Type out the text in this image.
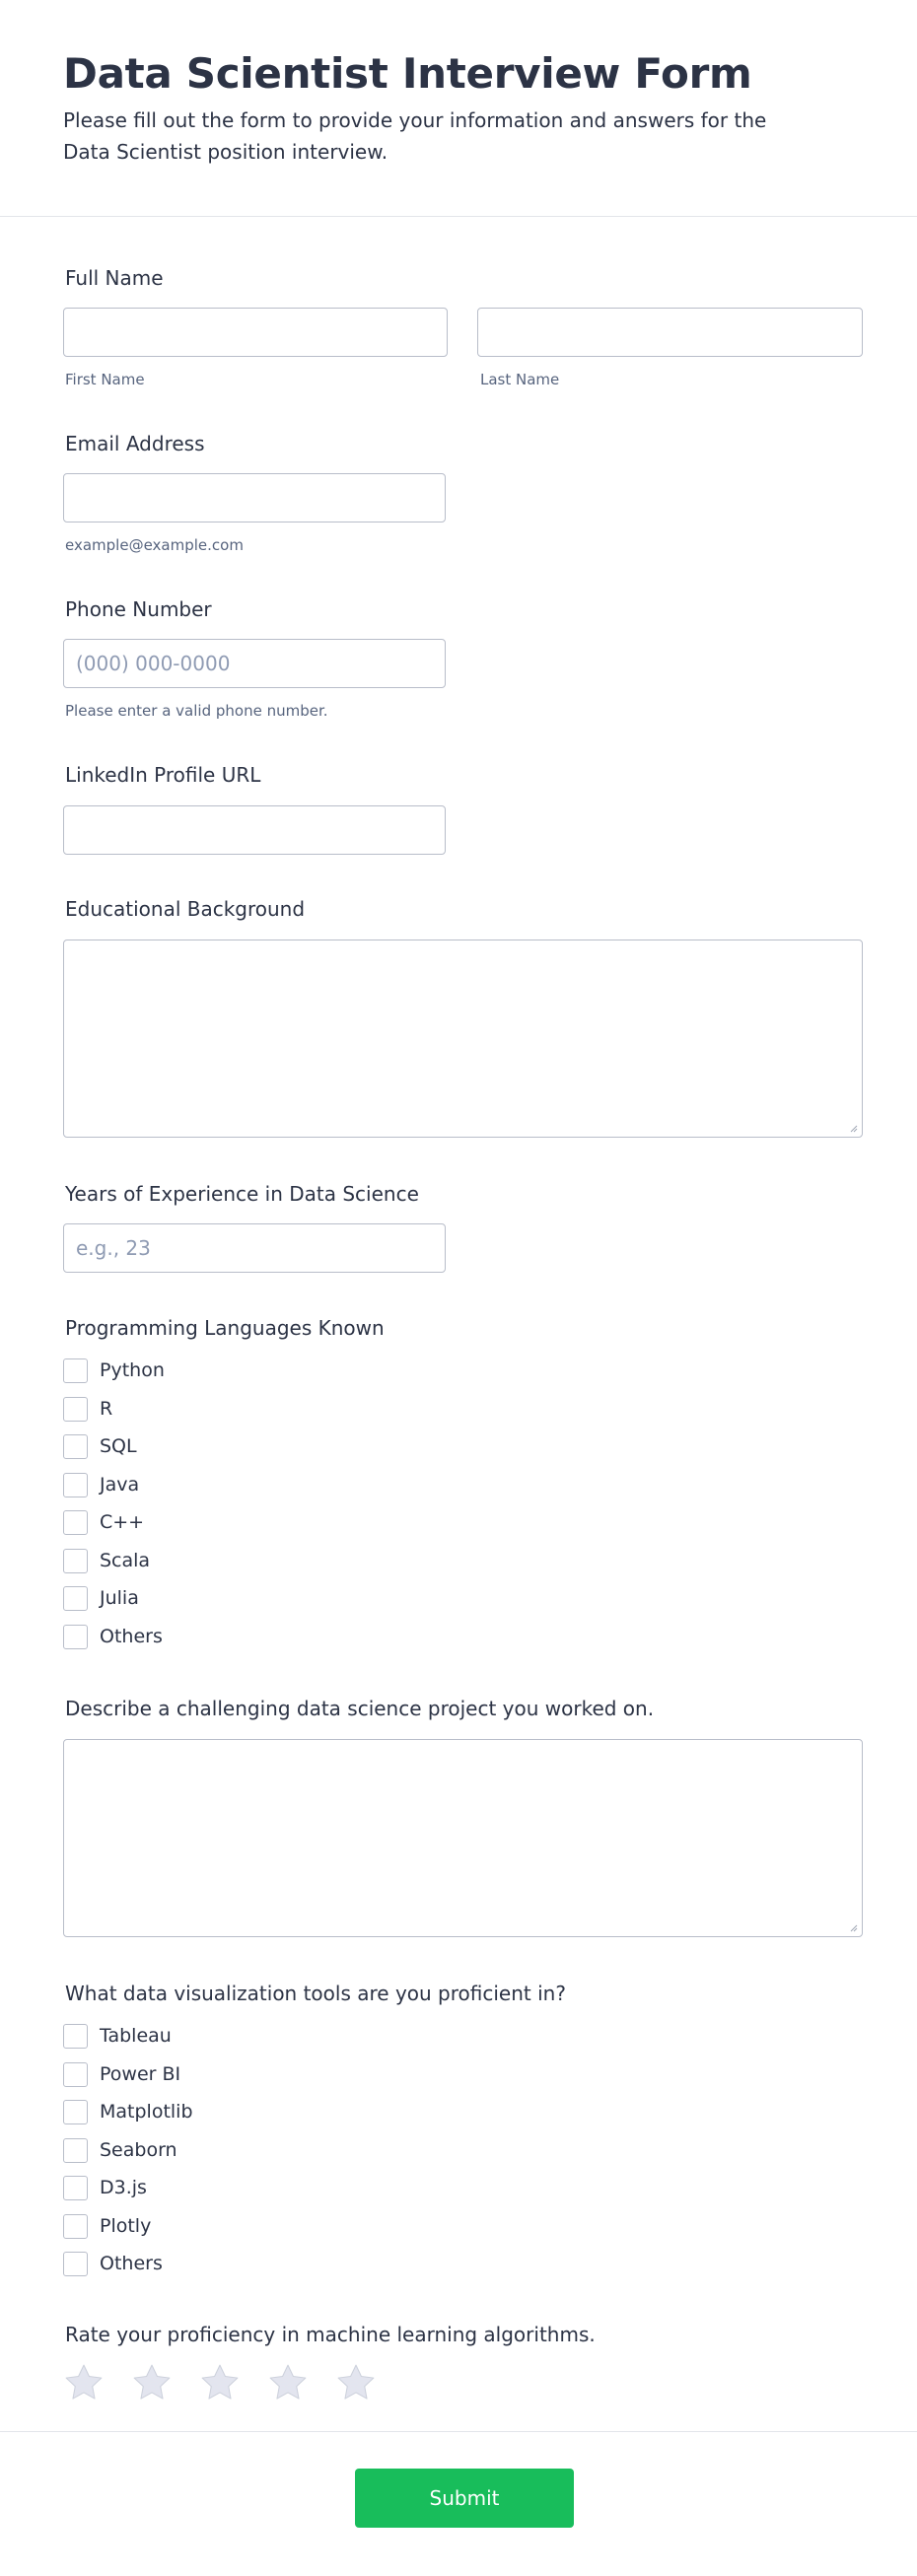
Data Scientist Interview Form

Please fill out the form to provide your information and answers for the Data Scientist position interview.

Full Name
First Name	Last Name
Email Address
example@example.com
Phone Number
(000) 000-0000
Please enter a valid phone number.
LinkedIn Profile URL
Educational Background
Years of Experience in Data Science
e.g., 23
Programming Languages Known
Python
R
SQL
Java
C++
Scala
Julia
Others
Describe a challenging data science project you worked on.
What data visualization tools are you proficient in?
Tableau
Power BI
Matplotlib
Seaborn
D3.js
Plotly
Others
Rate your proficiency in machine learning algorithms.
Submit
